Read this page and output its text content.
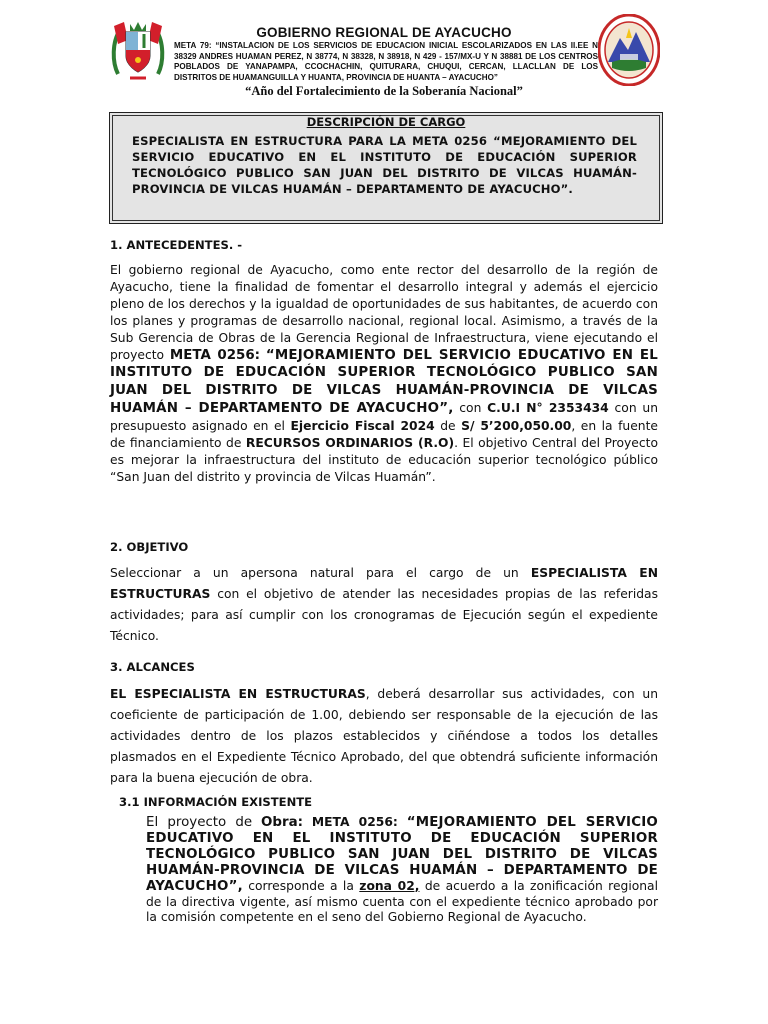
GOBIERNO REGIONAL DE AYACUCHO
META 79: “INSTALACION DE LOS SERVICIOS DE EDUCACION INICIAL ESCOLARIZADOS EN LAS II.EE N 38329 ANDRES HUAMAN PEREZ, N 38774, N 38328, N 38918, N 429 - 157/MX-U Y N 38881 DE LOS CENTROS POBLADOS DE YANAPAMPA, CCOCHACHIN, QUITURARA, CHUQUI, CERCAN, LLACLLAN DE LOS DISTRITOS DE HUAMANGUILLA Y HUANTA, PROVINCIA DE HUANTA – AYACUCHO”
“Año del Fortalecimiento de la Soberanía Nacional”
DESCRIPCIÓN DE CARGO
ESPECIALISTA EN ESTRUCTURA PARA LA META 0256 “MEJORAMIENTO DEL SERVICIO EDUCATIVO EN EL INSTITUTO DE EDUCACIÓN SUPERIOR TECNOLÓGICO PUBLICO SAN JUAN DEL DISTRITO DE VILCAS HUAMÁN-PROVINCIA DE VILCAS HUAMÁN – DEPARTAMENTO DE AYACUCHO”.
1. ANTECEDENTES. -
El gobierno regional de Ayacucho, como ente rector del desarrollo de la región de Ayacucho, tiene la finalidad de fomentar el desarrollo integral y además el ejercicio pleno de los derechos y la igualdad de oportunidades de sus habitantes, de acuerdo con los planes y programas de desarrollo nacional, regional local. Asimismo, a través de la Sub Gerencia de Obras de la Gerencia Regional de Infraestructura, viene ejecutando el proyecto META 0256: “MEJORAMIENTO DEL SERVICIO EDUCATIVO EN EL INSTITUTO DE EDUCACIÓN SUPERIOR TECNOLÓGICO PUBLICO SAN JUAN DEL DISTRITO DE VILCAS HUAMÁN-PROVINCIA DE VILCAS HUAMÁN – DEPARTAMENTO DE AYACUCHO”, con C.U.I N° 2353434 con un presupuesto asignado en el Ejercicio Fiscal 2024 de S/ 5’200,050.00, en la fuente de financiamiento de RECURSOS ORDINARIOS (R.O). El objetivo Central del Proyecto es mejorar la infraestructura del instituto de educación superior tecnológico público “San Juan del distrito y provincia de Vilcas Huamán”.
2. OBJETIVO
Seleccionar a un apersona natural para el cargo de un ESPECIALISTA EN ESTRUCTURAS con el objetivo de atender las necesidades propias de las referidas actividades; para así cumplir con los cronogramas de Ejecución según el expediente Técnico.
3. ALCANCES
EL ESPECIALISTA EN ESTRUCTURAS, deberá desarrollar sus actividades, con un coeficiente de participación de 1.00, debiendo ser responsable de la ejecución de las actividades dentro de los plazos establecidos y ciñéndose a todos los detalles plasmados en el Expediente Técnico Aprobado, del que obtendrá suficiente información para la buena ejecución de obra.
3.1 INFORMACIÓN EXISTENTE
El proyecto de Obra: META 0256: “MEJORAMIENTO DEL SERVICIO EDUCATIVO EN EL INSTITUTO DE EDUCACIÓN SUPERIOR TECNOLÓGICO PUBLICO SAN JUAN DEL DISTRITO DE VILCAS HUAMÁN-PROVINCIA DE VILCAS HUAMÁN – DEPARTAMENTO DE AYACUCHO”, corresponde a la zona 02, de acuerdo a la zonificación regional de la directiva vigente, así mismo cuenta con el expediente técnico aprobado por la comisión competente en el seno del Gobierno Regional de Ayacucho.
